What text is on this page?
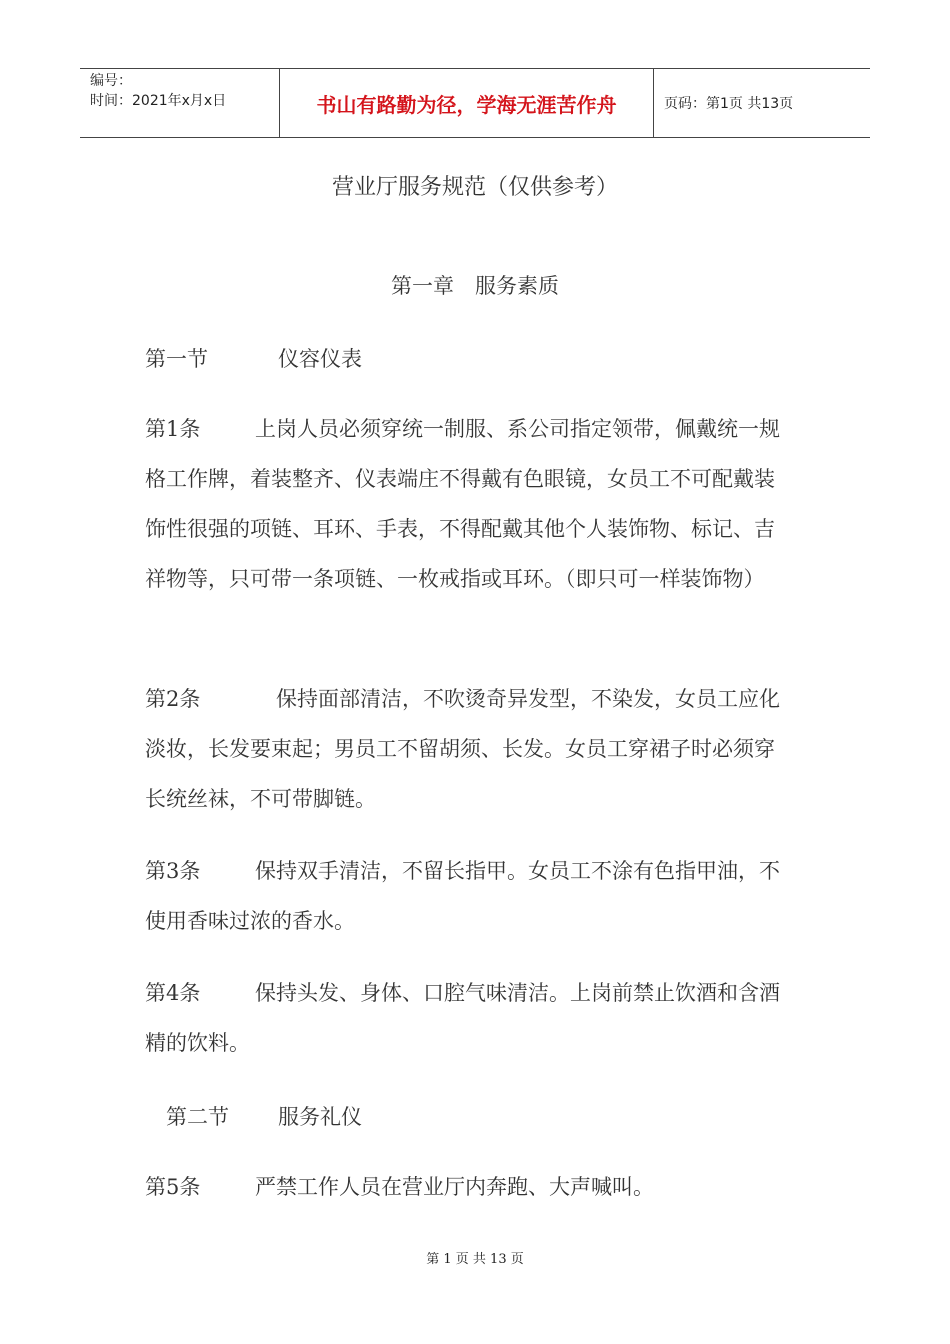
编号：
时间：2021年x月x日	书山有路勤为径，学海无涯苦作舟	页码：第1页 共13页
营业厅服务规范（仅供参考）
第一章　服务素质
第一节	仪容仪表
第1条	上岗人员必须穿统一制服、系公司指定领带，佩戴统一规格工作牌，着装整齐、仪表端庄不得戴有色眼镜，女员工不可配戴装饰性很强的项链、耳环、手表，不得配戴其他个人装饰物、标记、吉祥物等，只可带一条项链、一枚戒指或耳环。（即只可一样装饰物）
第2条	保持面部清洁，不吹烫奇异发型，不染发，女员工应化淡妆，长发要束起；男员工不留胡须、长发。女员工穿裙子时必须穿长统丝袜，不可带脚链。
第3条	保持双手清洁，不留长指甲。女员工不涂有色指甲油，不使用香味过浓的香水。
第4条	保持头发、身体、口腔气味清洁。上岗前禁止饮酒和含酒精的饮料。
第二节 服务礼仪
第5条	严禁工作人员在营业厅内奔跑、大声喊叫。
第 1 页 共 13 页
